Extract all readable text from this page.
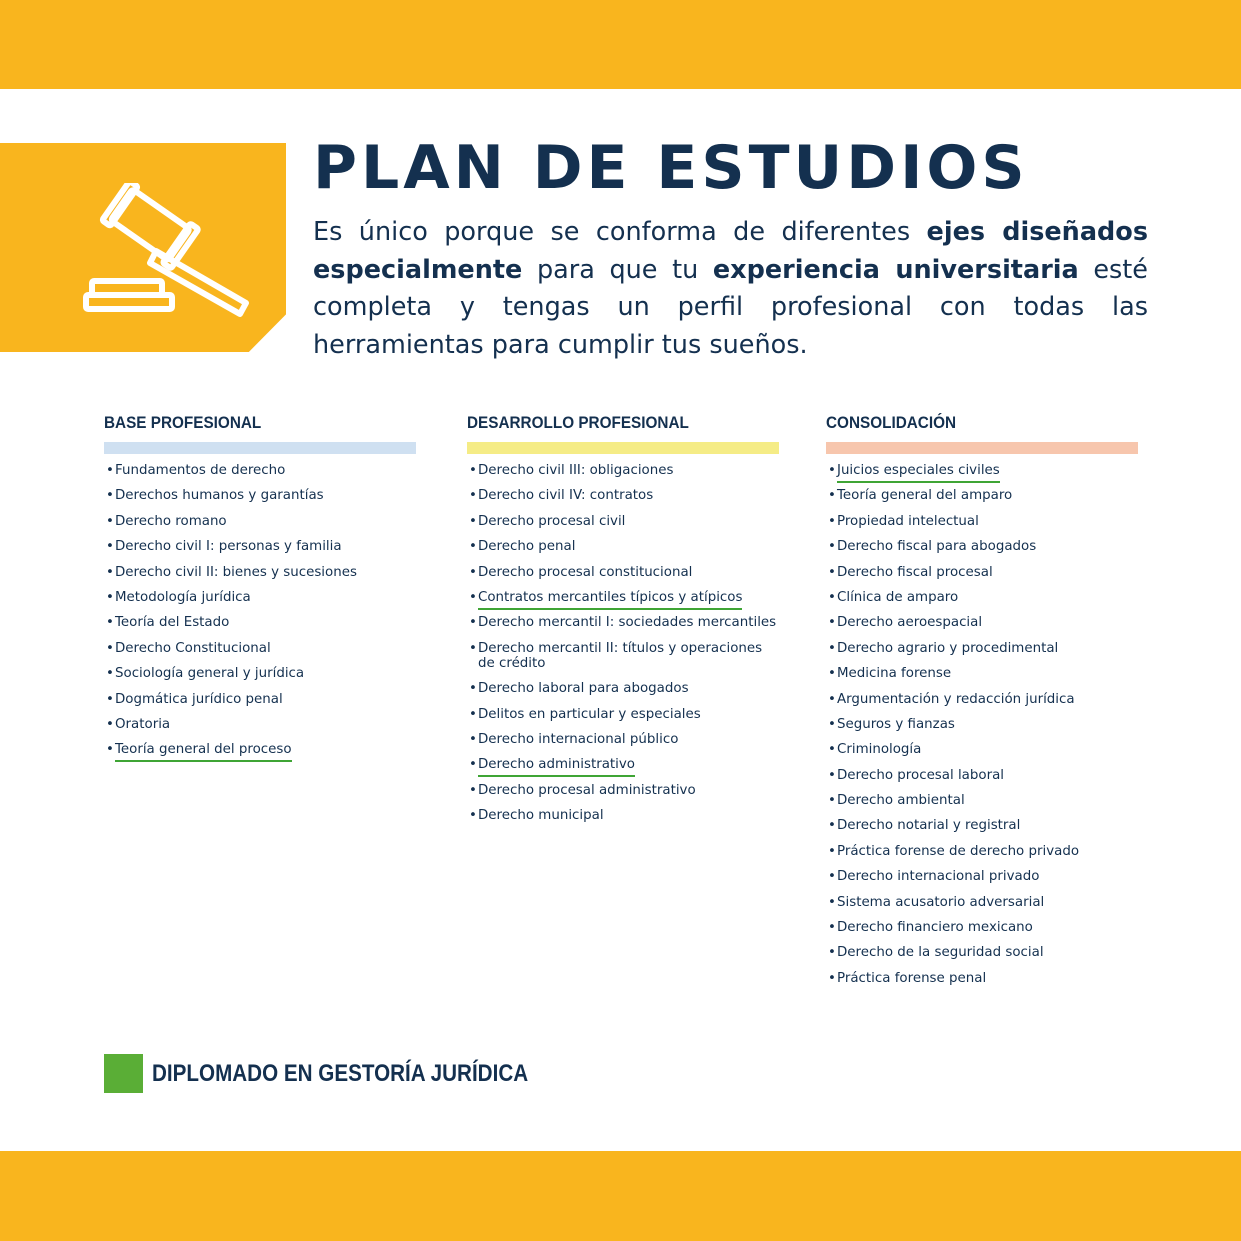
PLAN DE ESTUDIOS

Es único porque se conforma de diferentes ejes diseñados especialmente para que tu experiencia universitaria esté completa y tengas un perfil profesional con todas las herramientas para cumplir tus sueños.

BASE PROFESIONAL
• Fundamentos de derecho
• Derechos humanos y garantías
• Derecho romano
• Derecho civil I: personas y familia
• Derecho civil II: bienes y sucesiones
• Metodología jurídica
• Teoría del Estado
• Derecho Constitucional
• Sociología general y jurídica
• Dogmática jurídico penal
• Oratoria
• Teoría general del proceso
DESARROLLO PROFESIONAL
• Derecho civil III: obligaciones
• Derecho civil IV: contratos
• Derecho procesal civil
• Derecho penal
• Derecho procesal constitucional
• Contratos mercantiles típicos y atípicos
• Derecho mercantil I: sociedades mercantiles
• Derecho mercantil II: títulos y operaciones de crédito
• Derecho laboral para abogados
• Delitos en particular y especiales
• Derecho internacional público
• Derecho administrativo
• Derecho procesal administrativo
• Derecho municipal
CONSOLIDACIÓN
• Juicios especiales civiles
• Teoría general del amparo
• Propiedad intelectual
• Derecho fiscal para abogados
• Derecho fiscal procesal
• Clínica de amparo
• Derecho aeroespacial
• Derecho agrario y procedimental
• Medicina forense
• Argumentación y redacción jurídica
• Seguros y fianzas
• Criminología
• Derecho procesal laboral
• Derecho ambiental
• Derecho notarial y registral
• Práctica forense de derecho privado
• Derecho internacional privado
• Sistema acusatorio adversarial
• Derecho financiero mexicano
• Derecho de la seguridad social
• Práctica forense penal
DIPLOMADO EN GESTORÍA JURÍDICA
